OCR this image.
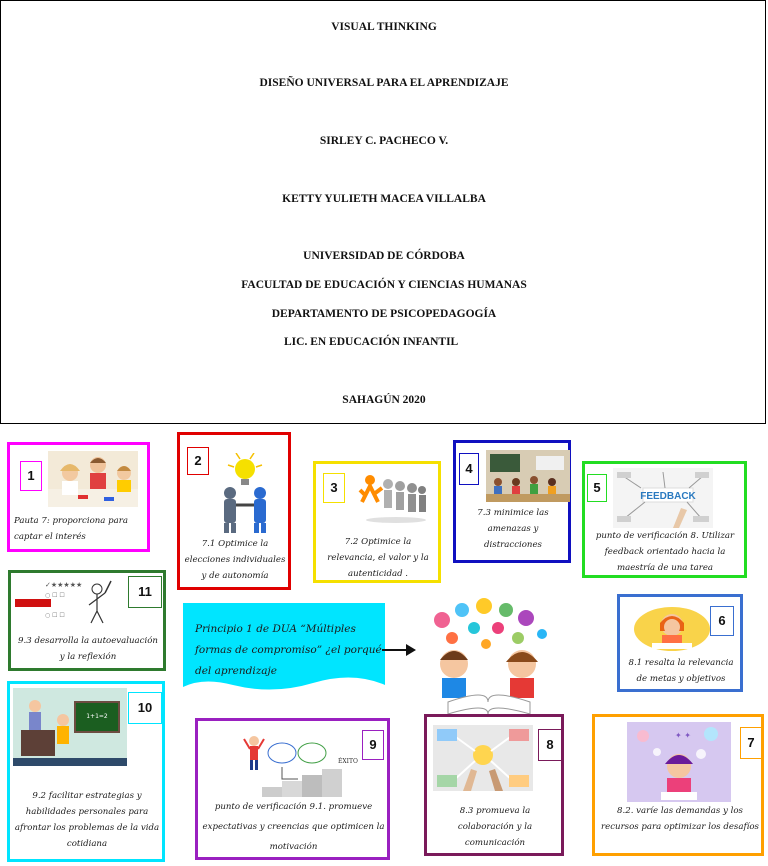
VISUAL THINKING
DISEÑO UNIVERSAL PARA EL APRENDIZAJE
SIRLEY C. PACHECO V.
KETTY YULIETH MACEA VILLALBA
UNIVERSIDAD DE CÓRDOBA
FACULTAD DE EDUCACIÓN Y CIENCIAS HUMANAS
DEPARTAMENTO DE PSICOPEDAGOGÍA
LIC. EN EDUCACIÓN INFANTIL
SAHAGÚN 2020
1
Pauta 7: proporciona para captar el interés
2
7.1 Optimice la elecciones individuales y de autonomía
3
7.2 Optimice la relevancia, el valor y la autenticidad .
4
7.3 minimice las amenazas y distracciones
5
FEEDBACK
punto de verificación 8. Utilizar feedback orientado hacia la maestría de una tarea
✓★★★★★
○ ☐ ☐
○ ☐ ☐
11
9.3 desarrolla la autoevaluación y la reflexión
Principio 1 de DUA “Múltiples formas de compromiso” ¿el porqué del aprendizaje
6
8.1 resalta la relevancia de metas y objetivos
1+1=2
10
9.2 facilitar estrategias y habilidades personales para afrontar los problemas de la vida cotidiana
ÉXITO
9
punto de verificación 9.1. promueve expectativas y creencias que optimicen la motivación
8
8.3 promueva la colaboración y la comunicación
✦ ✦	7
8.2. varíe las demandas y los recursos para optimizar los desafíos
